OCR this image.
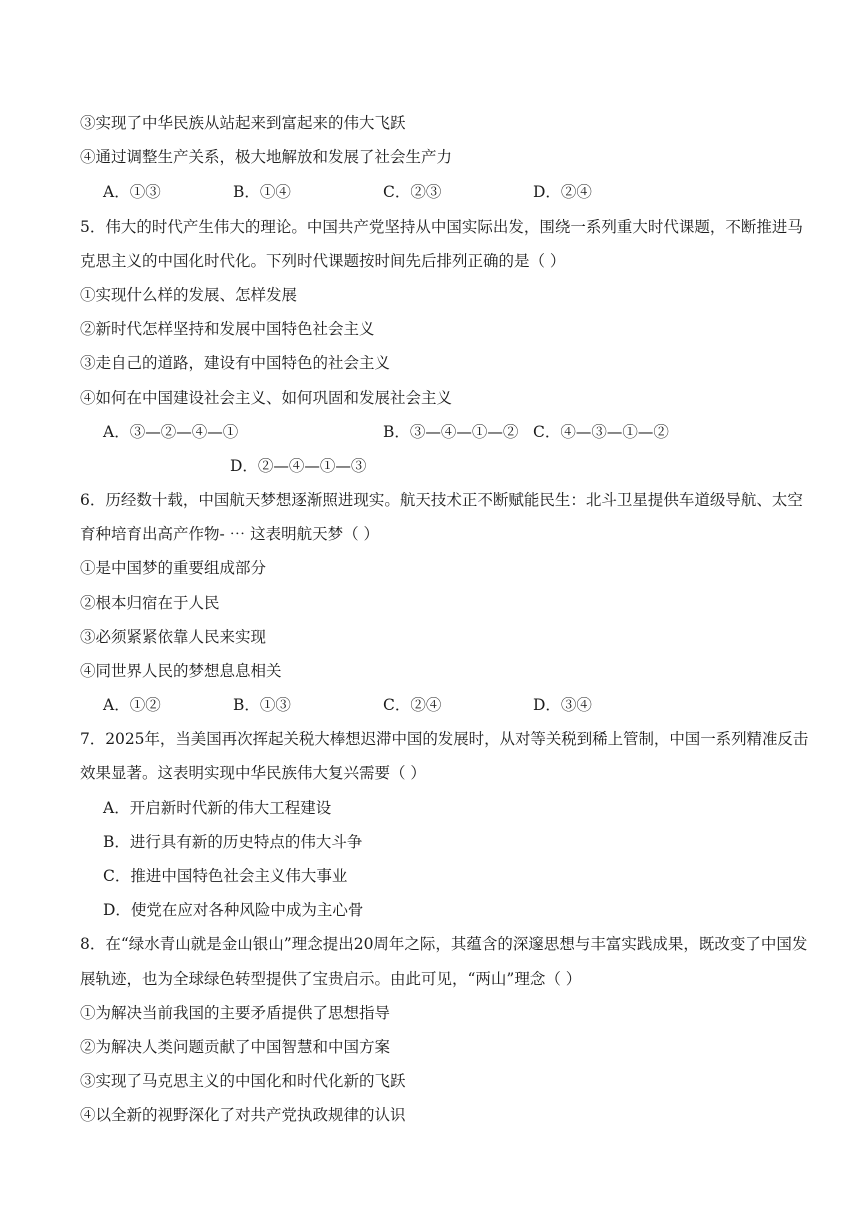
③实现了中华民族从站起来到富起来的伟大飞跃
④通过调整生产关系，极大地解放和发展了社会生产力
A．①③	B．①④	C．②③	D．②④
5．伟大的时代产生伟大的理论。中国共产党坚持从中国实际出发，围绕一系列重大时代课题，不断推进马
克思主义的中国化时代化。下列时代课题按时间先后排列正确的是（ ）
①实现什么样的发展、怎样发展
②新时代怎样坚持和发展中国特色社会主义
③走自己的道路，建设有中国特色的社会主义
④如何在中国建设社会主义、如何巩固和发展社会主义
A．③—②—④—①	B．③—④—①—② C．④—③—①—②
D．②—④—①—③
6．历经数十载，中国航天梦想逐渐照进现实。航天技术正不断赋能民生：北斗卫星提供车道级导航、太空
育种培育出高产作物- ⋯ 这表明航天梦（ ）
①是中国梦的重要组成部分
②根本归宿在于人民
③必须紧紧依靠人民来实现
④同世界人民的梦想息息相关
A．①②	B．①③	C．②④	D．③④
7．2025年，当美国再次挥起关税大棒想迟滞中国的发展时，从对等关税到稀上管制，中国一系列精准反击
效果显著。这表明实现中华民族伟大复兴需要（ ）
A．开启新时代新的伟大工程建设
B．进行具有新的历史特点的伟大斗争
C．推进中国特色社会主义伟大事业
D．使党在应对各种风险中成为主心骨
8．在“绿水青山就是金山银山”理念提出20周年之际，其蕴含的深邃思想与丰富实践成果，既改变了中国发
展轨迹，也为全球绿色转型提供了宝贵启示。由此可见，“两山”理念（ ）
①为解决当前我国的主要矛盾提供了思想指导
②为解决人类问题贡献了中国智慧和中国方案
③实现了马克思主义的中国化和时代化新的飞跃
④以全新的视野深化了对共产党执政规律的认识
